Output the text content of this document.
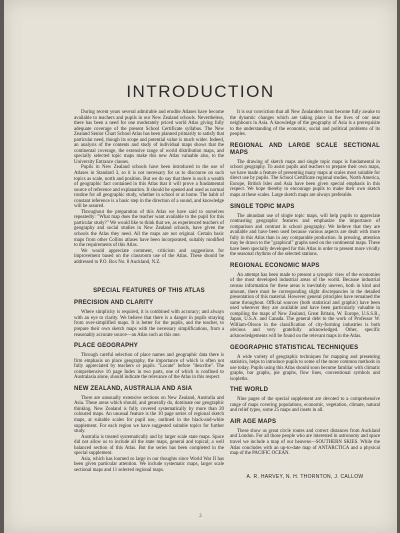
INTRODUCTION

During recent years several admirable and erudite Atlases have become available to teachers and pupils in our New Zealand schools. Nevertheless, there has been a need for one moderately priced world Atlas giving fully adequate coverage of the present School Certificate syllabus. The New Zealand Senior Chart School Atlas has been planned primarily to satisfy that particular need, though its scope and potential value is much wider. Indeed, an analysis of the contents and study of individual maps shows that the continental coverage, the extensive range of world distribution maps, and specially selected topic maps make this new Atlas valuable also, to the University Entrance classes.

Pupils in New Zealand schools have been introduced to the use of Atlases in Standard 3, so it is not necessary for us to discourse on such topics as scale, north and position. But we do say that there is such a wealth of geographic fact contained in this Atlas that it will prove a fundamental source of reference and explanation. It should be opened and used as normal routine for all geographic study, whether in school or at home. The habit of constant reference is a basic step in the direction of a sound, and knowledge will be assured.

Throughout the preparation of this Atlas we have said to ourselves repeatedly: "What map does the teacher want available to the pupil for this particular study?" We would like to think that we, as experienced teachers of geography and social studies in New Zealand schools, have given the schools the Atlas they need. All the maps are not original. Certain basic maps from other Collins atlases have been incorporated, suitably modified to the requirements of this Atlas.

We would appreciate comment, criticism and suggestions for improvement based on the classroom use of the Atlas. These should be addressed to P.O. Box No. 8 Auckland, N.Z.

SPECIAL FEATURES OF THIS ATLAS
PRECISION AND CLARITY

Where simplicity is required, it is combined with accuracy; and always with an eye to clarity. We believe that there is a danger in pupils straying from over-simplified maps. It is better for the pupils, and the teacher, to prepare their own sketch maps with the necessary simplifications, from a reasonably accurate source—an Atlas such as this one.

PLACE GEOGRAPHY

Through careful selection of place names and geographic data there is firm emphasis on place geography, the importance of which is often not fully appreciated by teachers or pupils. "Locate" before "describe". The comprehensive 16 page Index in two parts, one of which is confined to Australasia alone, should indicate the relevance of the Atlas in this respect.

NEW ZEALAND, AUSTRALIA AND ASIA

There are unusually extensive sections on New Zealand, Australia and Asia. These areas which should, and generally do, dominate our geographic thinking. New Zealand is fully covered systematically by more than 20 coloured maps. An unusual feature is the 10 page series of regional sketch maps, at suitable scales for pupil use, outlined in the black-and-white supplement. For each region we have suggested suitable topics for further study.

Australia is treated systematically and by larger scale state maps. Space did not allow us to include all the state maps, general and topical; a well balanced section of this Atlas. But the series has been completed in the special supplement.

Asia, which has loomed so large in our thoughts since World War II has been given particular attention. We include systematic maps, larger scale sectional maps and 11 selected regional maps.

It is our conviction that all New Zealanders must become fully awake to the dynamic changes which are taking place in the lives of our near neighbours in Asia. A knowledge of the geography of Asia is a prerequisite to the understanding of the economic, social and political problems of its peoples.

REGIONAL AND LARGE SCALE SECTIONAL MAPS

The drawing of sketch maps and single topic maps is fundamental in school geography. To assist pupils and teachers to prepare their own maps, we have made a feature of presenting many maps at scales most suitable for direct use by pupils. The School Certificate regional studies, North America, Europe, British Isles and Asia have been given special emphasis in this respect. We hope thereby to encourage pupils to make their own sketch maps at these scales. Large sketch maps are always preferable.

SINGLE TOPIC MAPS

The abundant use of single topic maps, will help pupils to appreciate contrasting geographic features and emphasize the importance of comparison and contrast in school geography. We believe that they are available and have been used because various aspects are dealt with more fully in this Atlas than in any comparable production. In pressing, attention may be drawn to the "graphical" graphs used on the continental maps. These have been specially developed for this Atlas in order to present more vividly the seasonal rhythms of the selected stations.

REGIONAL ECONOMIC MAPS

An attempt has been made to present a synoptic view of the economies of the most developed industrial areas of the world. Because industrial census information for these areas is inevitably uneven, both in kind and amount, there must be corresponding slight discrepancies in the detailed presentation of this material. However general principles have remained the same throughout. Official sources (both statistical and graphic) have been used wherever they are available and have been particularly valuable in compiling the maps of New Zealand, Great Britain, W. Europe, U.S.S.R., Japan, U.S.A. and Canada. The general debt to the work of Professor W. William-Olsson in the classification of city-forming industries is both obvious and very gratefully acknowledged. Other, specific acknowledgements will be found on the relevant maps in the Atlas.

GEOGRAPHIC STATISTICAL TECHNIQUES

A wide variety of geographic techniques for mapping and presenting statistics, helps to introduce pupils to some of the more common methods in use today. Pupils using this Atlas should soon become familiar with climatic graphs, bar graphs, pie graphs, flow lines, conventional symbols and isopleths.

THE WORLD

Nine pages of the special supplement are devoted to a comprehensive range of maps covering populations, economic, vegetation, climate, natural and relief types, some 25 maps and insets in all.

AIR AGE MAPS

These show us great circle routes and correct distances from Auckland and London. For all those people who are interested in astronomy and space travel we include a map of our heavens—SOUTHERN SKIES. While the Atlas concludes with an up-to-date map of ANTARCTICA and a physical map of the PACIFIC OCEAN.

A. R. HARVEY, N. H. THORNTON, J. CALLOW
2
